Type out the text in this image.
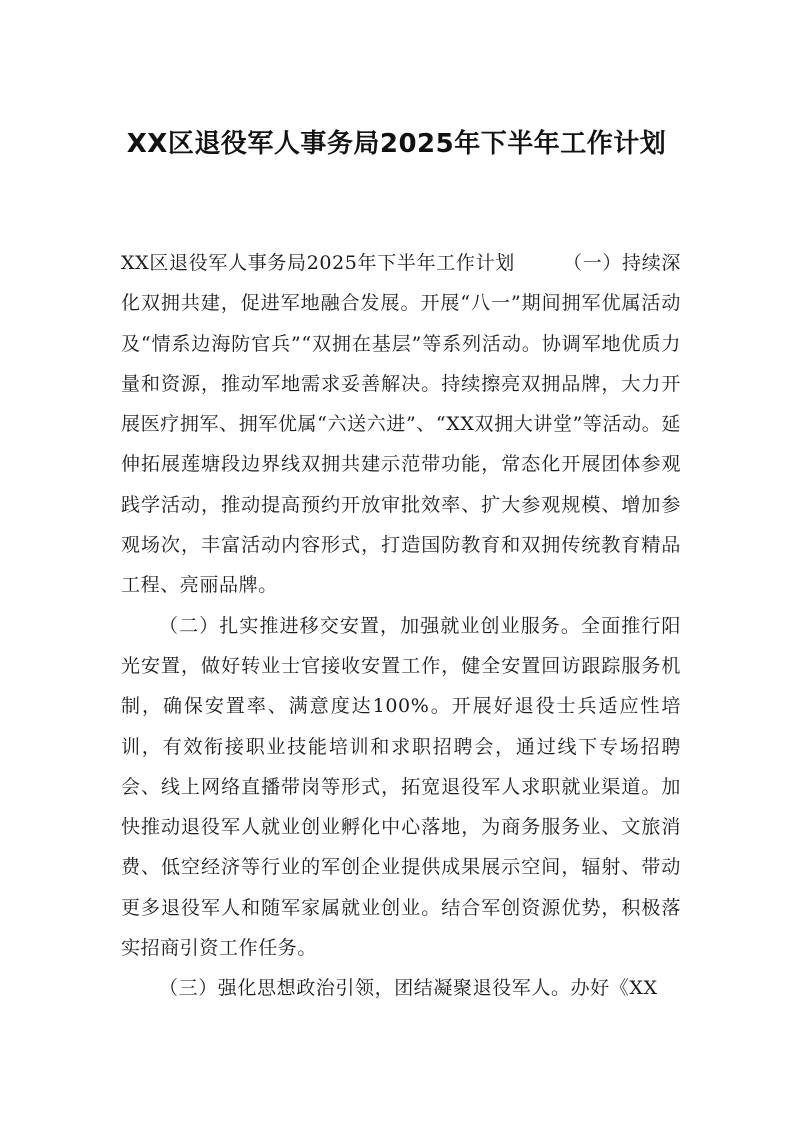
XX区退役军人事务局2025年下半年工作计划

XX区退役军人事务局2025年下半年工作计划	（一）持续深化双拥共建，促进军地融合发展。开展“八一”期间拥军优属活动及“情系边海防官兵”“双拥在基层”等系列活动。协调军地优质力量和资源，推动军地需求妥善解决。持续擦亮双拥品牌，大力开展医疗拥军、拥军优属“六送六进”、“XX双拥大讲堂”等活动。延伸拓展莲塘段边界线双拥共建示范带功能，常态化开展团体参观践学活动，推动提高预约开放审批效率、扩大参观规模、增加参观场次，丰富活动内容形式，打造国防教育和双拥传统教育精品工程、亮丽品牌。

（二）扎实推进移交安置，加强就业创业服务。全面推行阳光安置，做好转业士官接收安置工作，健全安置回访跟踪服务机制，确保安置率、满意度达100%。开展好退役士兵适应性培训，有效衔接职业技能培训和求职招聘会，通过线下专场招聘会、线上网络直播带岗等形式，拓宽退役军人求职就业渠道。加快推动退役军人就业创业孵化中心落地，为商务服务业、文旅消费、低空经济等行业的军创企业提供成果展示空间，辐射、带动更多退役军人和随军家属就业创业。结合军创资源优势，积极落实招商引资工作任务。

（三）强化思想政治引领，团结凝聚退役军人。办好《XX
